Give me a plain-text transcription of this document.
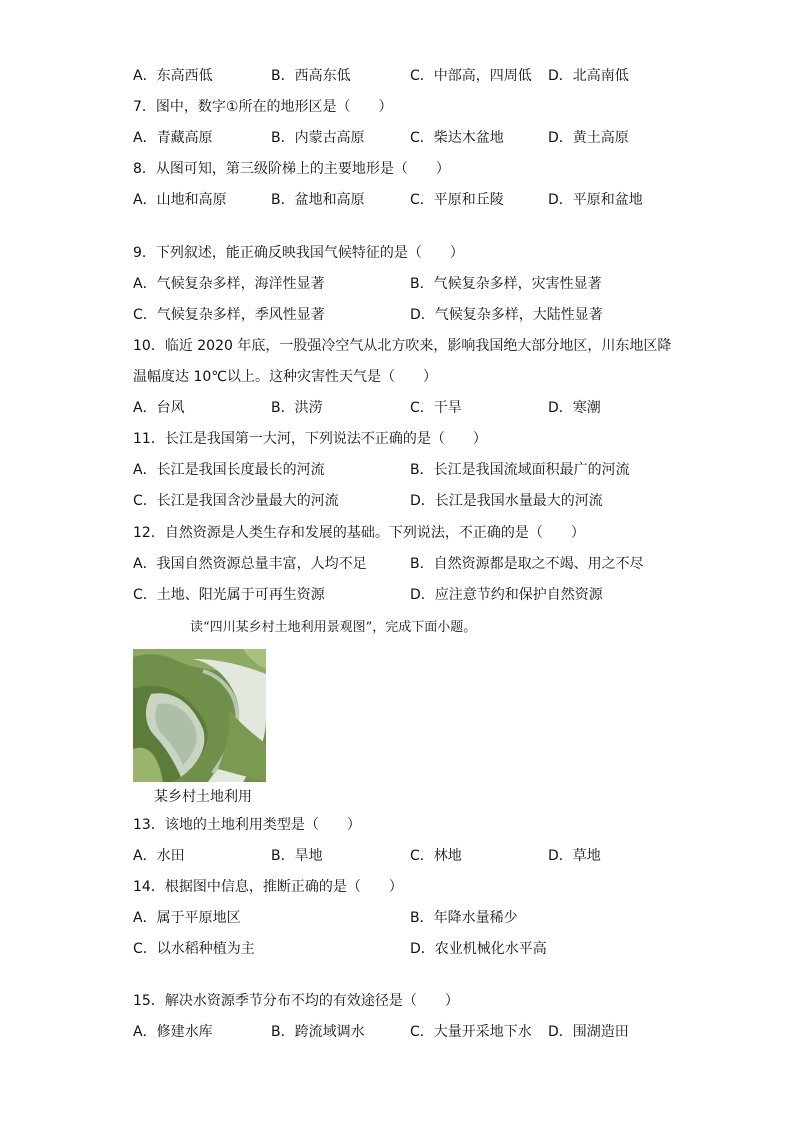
A．东高西低	B．西高东低	C．中部高，四周低 D．北高南低
7．图中，数字①所在的地形区是（　　）
A．青藏高原	B．内蒙古高原	C．柴达木盆地	D．黄土高原
8．从图可知，第三级阶梯上的主要地形是（　　）
A．山地和高原	B．盆地和高原	C．平原和丘陵	D．平原和盆地
9．下列叙述，能正确反映我国气候特征的是（　　）
A．气候复杂多样，海洋性显著	B．气候复杂多样，灾害性显著
C．气候复杂多样，季风性显著	D．气候复杂多样，大陆性显著
10．临近 2020 年底，一股强冷空气从北方吹来，影响我国绝大部分地区，川东地区降
温幅度达 10℃以上。这种灾害性天气是（　　）
A．台风	B．洪涝	C．干旱	D．寒潮
11．长江是我国第一大河，下列说法不正确的是（　　）
A．长江是我国长度最长的河流	B．长江是我国流域面积最广的河流
C．长江是我国含沙量最大的河流	D．长江是我国水量最大的河流
12．自然资源是人类生存和发展的基础。下列说法，不正确的是（　　）
A．我国自然资源总量丰富，人均不足	B．自然资源都是取之不竭、用之不尽
C．土地、阳光属于可再生资源	D．应注意节约和保护自然资源
读“四川某乡村土地利用景观图”，完成下面小题。
某乡村土地利用
13．该地的土地利用类型是（　　）
A．水田	B．旱地	C．林地	D．草地
14．根据图中信息，推断正确的是（　　）
A．属于平原地区	B．年降水量稀少
C．以水稻种植为主	D．农业机械化水平高
15．解决水资源季节分布不均的有效途径是（　　）
A．修建水库	B．跨流域调水	C．大量开采地下水 D．围湖造田
